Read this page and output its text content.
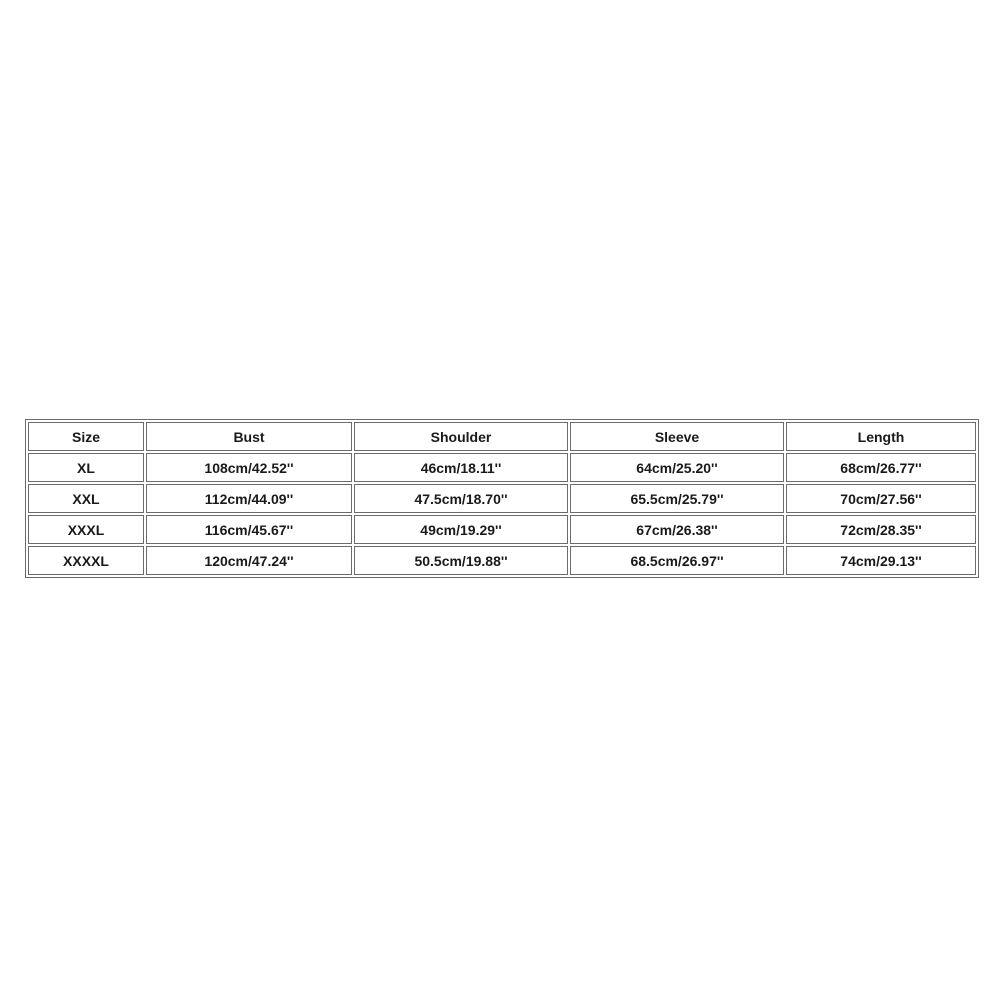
Size	Bust	Shoulder	Sleeve	Length
XL	108cm/42.52''	46cm/18.11''	64cm/25.20''	68cm/26.77''
XXL	112cm/44.09''	47.5cm/18.70''	65.5cm/25.79''	70cm/27.56''
XXXL	116cm/45.67''	49cm/19.29''	67cm/26.38''	72cm/28.35''
XXXXL	120cm/47.24''	50.5cm/19.88''	68.5cm/26.97''	74cm/29.13''
